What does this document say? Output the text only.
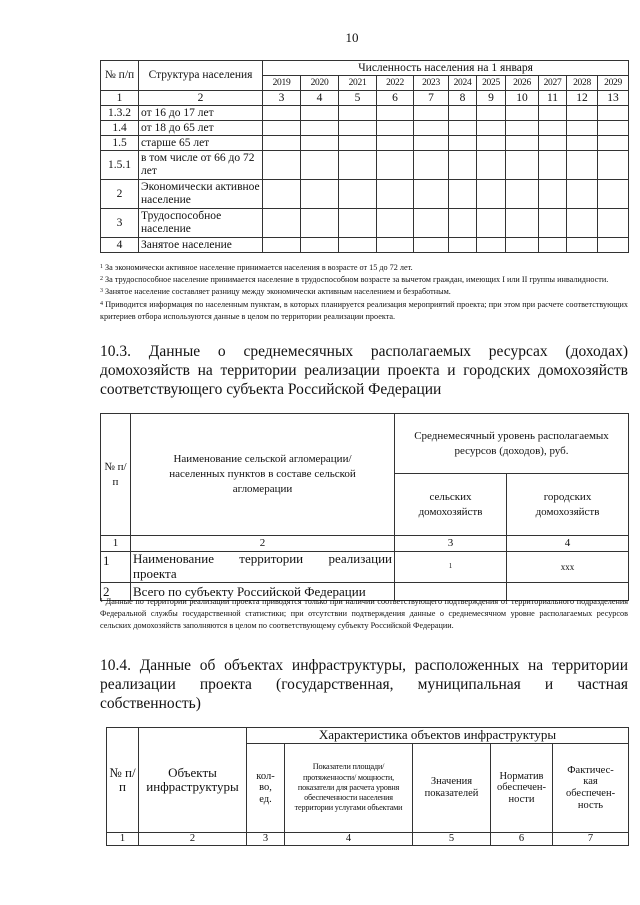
10
№ п/п	Структура населения	Численность населения на 1 января										
		2019	2020	2021	2022	2023	2024	2025	2026	2027	2028	2029
1	2	3	4	5	6	7	8	9	10	11	12	13
1.3.2	от 16 до 17 лет											
1.4	от 18 до 65 лет											
1.5	старше 65 лет											
1.5.1	в том числе от 66 до 72 лет											
2	Экономически активное население											
3	Трудоспособное население											
4	Занятое население											
$^1$ За экономически активное население принимается населения в возрасте от 15 до 72 лет.
$^2$ За трудоспособное население принимается население в трудоспособном возрасте за вычетом граждан, имеющих I или II группы инвалидности.
$^3$ Занятое население составляет разницу между экономически активным населением и безработным.
$^4$ Приводится информация по населенным пунктам, в которых планируется реализация мероприятий проекта; при этом при расчете соответствующих критериев отбора используются данные в целом по территории реализации проекта.
10.3. Данные о среднемесячных располагаемых ресурсах (доходах) домохозяйств на территории реализации проекта и городских домохозяйств соответствующего субъекта Российской Федерации
№ п/п	Наименование сельской агломерации/населенных пунктов в составе сельской агломерации	Среднемесячный уровень располагаемых ресурсов (доходов), руб.	
		сельских домохозяйств	городских домохозяйств
1	2	3	4
1	Наименование территории реализации проекта	1	xxx
2	Всего по субъекту Российской Федерации		
$^1$ Данные по территории реализации проекта приводятся только при наличии соответствующего подтверждения от территориального подразделения Федеральной службы государственной статистики; при отсутствии подтверждения данные о среднемесячном уровне располагаемых ресурсов сельских домохозяйств заполняются в целом по соответствующему субъекту Российской Федерации.
10.4. Данные об объектах инфраструктуры, расположенных на территории реализации проекта (государственная, муниципальная и частная собственность)
№ п/п	Объекты инфраструктуры	Характеристика объектов инфраструктуры				
		кол-во, ед.	Показатели площади/протяженности/ мощности, показатели для расчета уровня обеспеченности населения территории услугами объектами	Значения показателей	Норматив обеспечен-ности	Фактичес-кая обеспечен-ность
1	2	3	4	5	6	7
